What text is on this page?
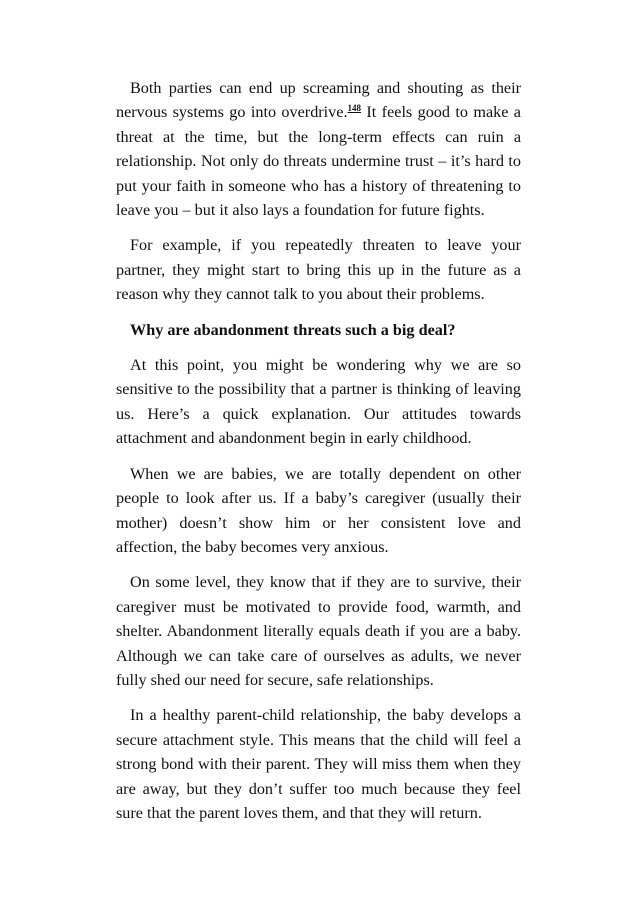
Both parties can end up screaming and shouting as their nervous systems go into overdrive.$^{148}$ It feels good to make a threat at the time, but the long-term effects can ruin a relationship. Not only do threats undermine trust – it’s hard to put your faith in someone who has a history of threatening to leave you – but it also lays a foundation for future fights.

For example, if you repeatedly threaten to leave your partner, they might start to bring this up in the future as a reason why they cannot talk to you about their problems.

Why are abandonment threats such a big deal?

At this point, you might be wondering why we are so sensitive to the possibility that a partner is thinking of leaving us. Here’s a quick explanation. Our attitudes towards attachment and abandonment begin in early childhood.

When we are babies, we are totally dependent on other people to look after us. If a baby’s caregiver (usually their mother) doesn’t show him or her consistent love and affection, the baby becomes very anxious.

On some level, they know that if they are to survive, their caregiver must be motivated to provide food, warmth, and shelter. Abandonment literally equals death if you are a baby. Although we can take care of ourselves as adults, we never fully shed our need for secure, safe relationships.

In a healthy parent-child relationship, the baby develops a secure attachment style. This means that the child will feel a strong bond with their parent. They will miss them when they are away, but they don’t suffer too much because they feel sure that the parent loves them, and that they will return.
